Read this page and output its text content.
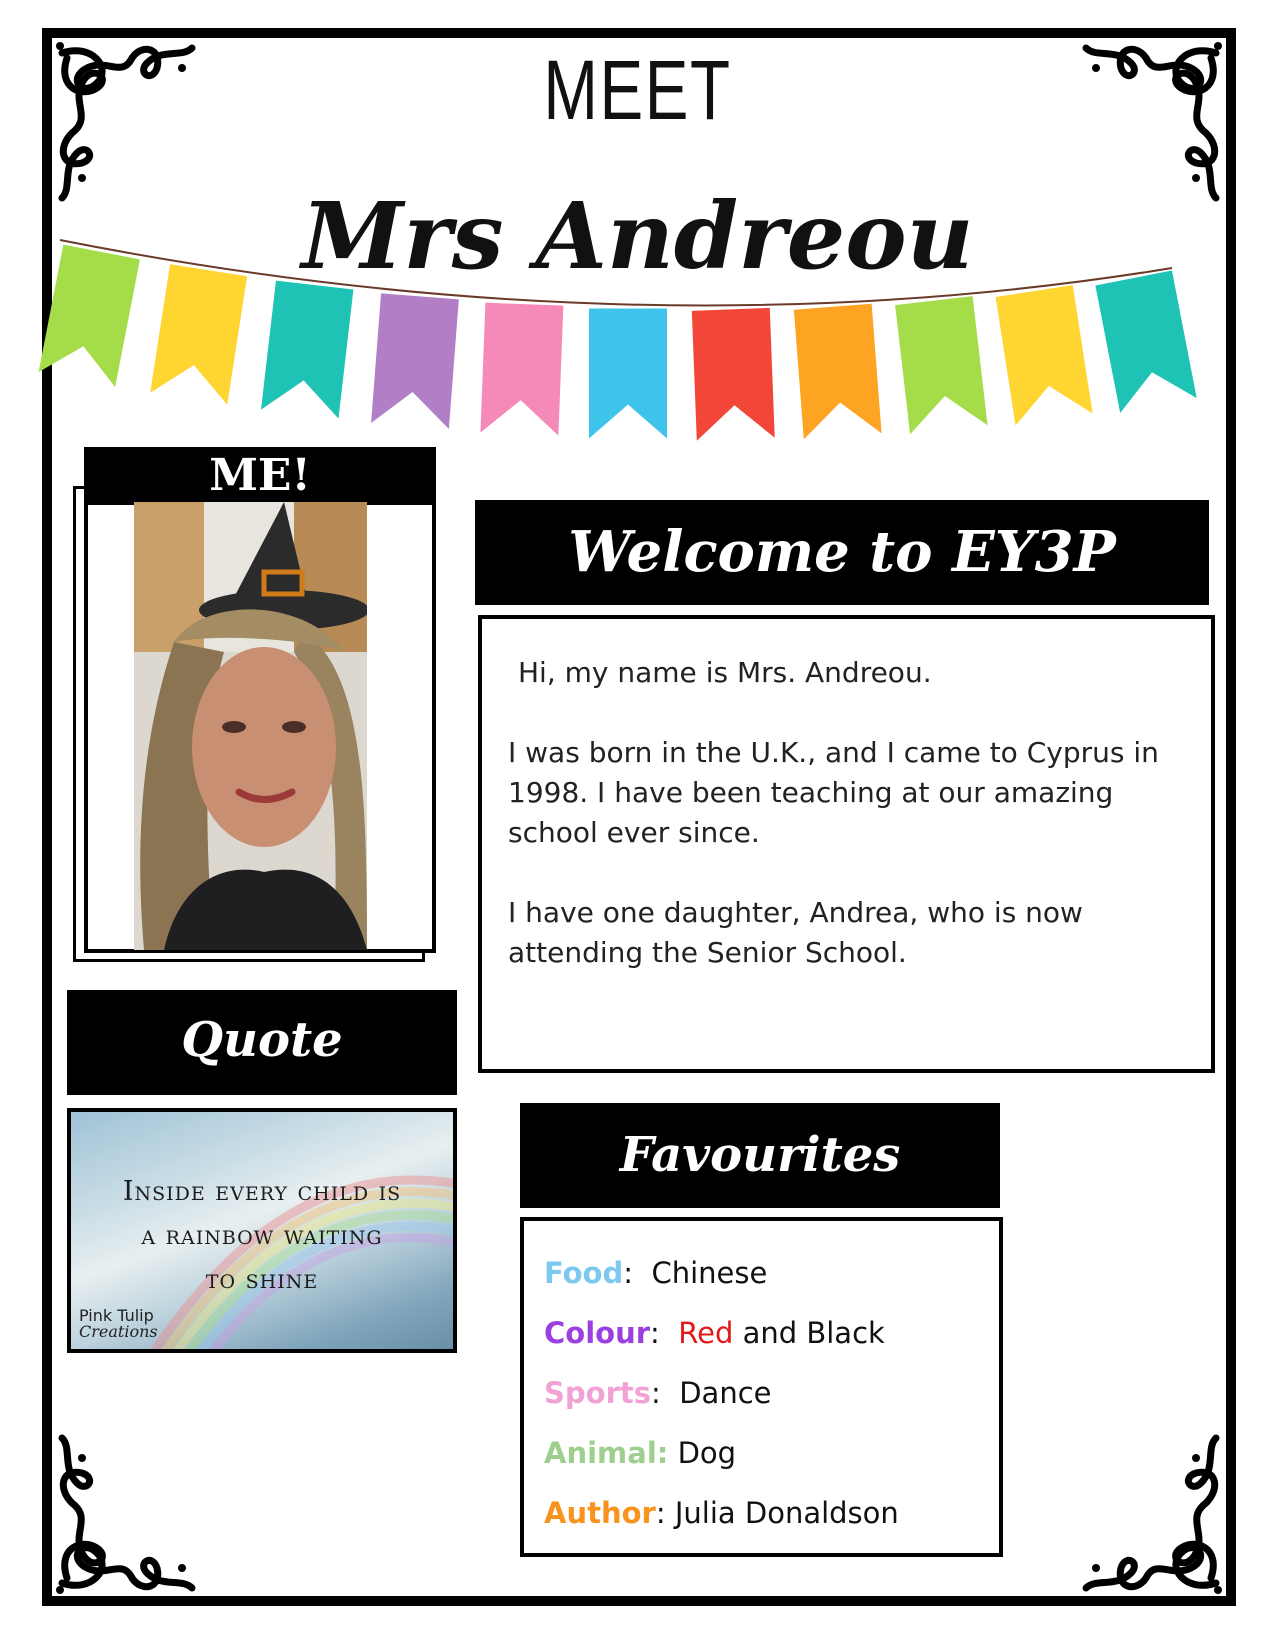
MEET
Mrs Andreou
ME!
Welcome to EY3P

Hi, my name is Mrs. Andreou.

I was born in the U.K., and I came to Cyprus in 1998. I have been teaching at our amazing school ever since.

I have one daughter, Andrea, who is now attending the Senior School.

Quote
Inside every child is
a rainbow waiting
to shine
Pink Tulip
Creations
Favourites
Food: Chinese
Colour: Red and Black
Sports: Dance
Animal: Dog
Author: Julia Donaldson
